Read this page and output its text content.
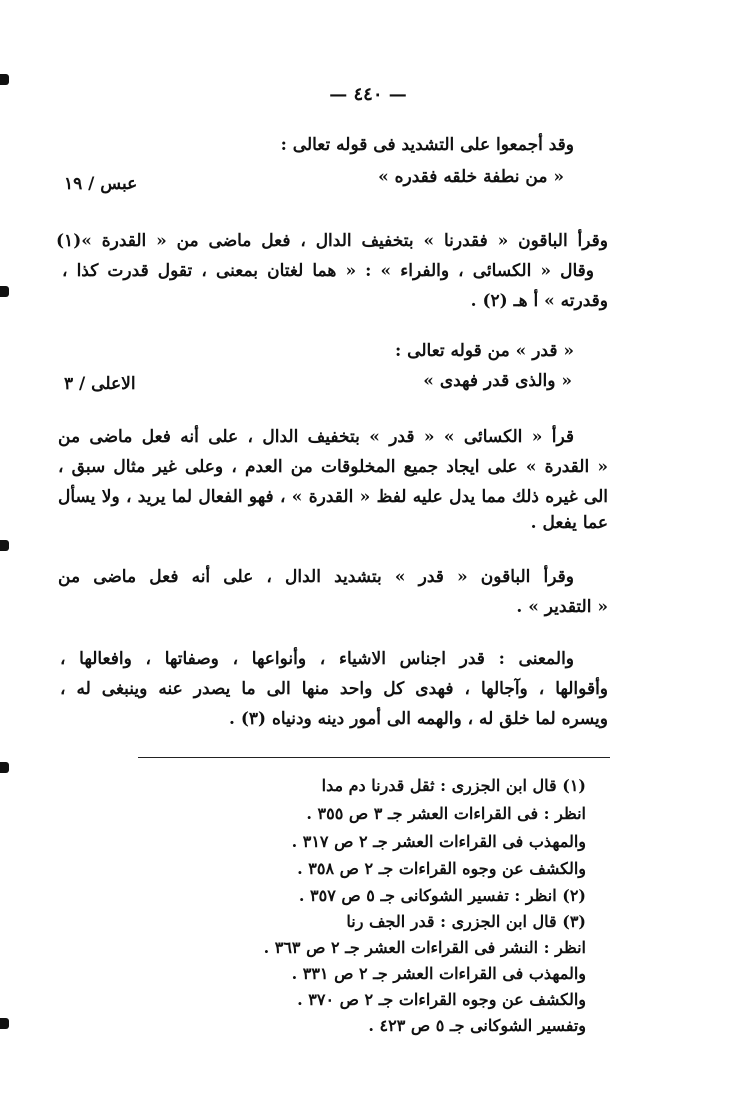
— ٤٤٠ —
وقد أجمعوا على التشديد فى قوله تعالى :
« من نطفة خلقه فقدره »
عبس / ١٩
وقرأ الباقون « فقدرنا » بتخفيف الدال ، فعل ماضى من « القدرة »(١)
وقال « الكسائى ، والفراء » : « هما لغتان بمعنى ، تقول قدرت كذا ،
وقدرته » أ هـ (٢) .
« قدر » من قوله تعالى :
« والذى قدر فهدى »
الاعلى / ٣
قرأ « الكسائى » « قدر » بتخفيف الدال ، على أنه فعل ماضى من
« القدرة » على ايجاد جميع المخلوقات من العدم ، وعلى غير مثال سبق ،
الى غيره ذلك مما يدل عليه لفظ « القدرة » ، فهو الفعال لما يريد ، ولا يسأل
عما يفعل .
وقرأ الباقون « قدر » بتشديد الدال ، على أنه فعل ماضى من
« التقدير » .
والمعنى : قدر اجناس الاشياء ، وأنواعها ، وصفاتها ، وافعالها ،
وأقوالها ، وآجالها ، فهدى كل واحد منها الى ما يصدر عنه وينبغى له ،
ويسره لما خلق له ، والهمه الى أمور دينه ودنياه (٣) .
(١) قال ابن الجزرى : ثقل قدرنا دم مدا
انظر : فى القراءات العشر جـ ٣ ص ٣٥٥ .
والمهذب فى القراءات العشر جـ ٢ ص ٣١٧ .
والكشف عن وجوه القراءات جـ ٢ ص ٣٥٨ .
(٢) انظر : تفسير الشوكانى جـ ٥ ص ٣٥٧ .
(٣) قال ابن الجزرى : قدر الجف رنا
انظر : النشر فى القراءات العشر جـ ٢ ص ٣٦٣ .
والمهذب فى القراءات العشر جـ ٢ ص ٣٣١ .
والكشف عن وجوه القراءات جـ ٢ ص ٣٧٠ .
وتفسير الشوكانى جـ ٥ ص ٤٢٣ .
